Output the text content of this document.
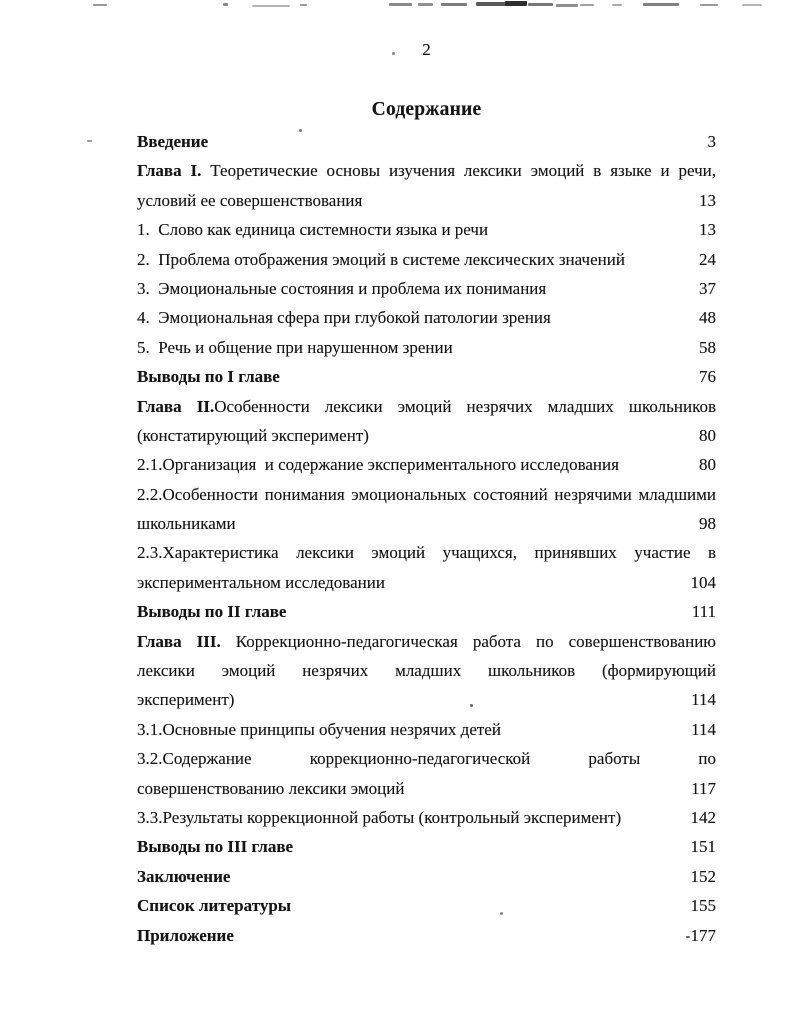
2
Содержание
Введение	3
Глава I. Теоретические основы изучения лексики эмоций в языке и речи,
условий ее совершенствования	13
1.  Слово как единица системности языка и речи	13
2.  Проблема отображения эмоций в системе лексических значений	24
3.  Эмоциональные состояния и проблема их понимания	37
4.  Эмоциональная сфера при глубокой патологии зрения	48
5.  Речь и общение при нарушенном зрении	58
Выводы по I главе	76
Глава II.Особенности лексики эмоций незрячих младших школьников
(констатирующий эксперимент)	80
2.1.Организация  и содержание экспериментального исследования	80
2.2.Особенности понимания эмоциональных состояний незрячими младшими
школьниками	98
2.3.Характеристика лексики эмоций учащихся, принявших участие в
экспериментальном исследовании	104
Выводы по II главе	111
Глава III. Коррекционно-педагогическая работа по совершенствованию
лексики эмоций незрячих младших школьников (формирующий
эксперимент)	114
3.1.Основные принципы обучения незрячих детей	114
3.2.Содержание коррекционно-педагогической работы по
совершенствованию лексики эмоций	117
3.3.Результаты коррекционной работы (контрольный эксперимент)	142
Выводы по III главе	151
Заключение	152
Список литературы	155
Приложение	177
